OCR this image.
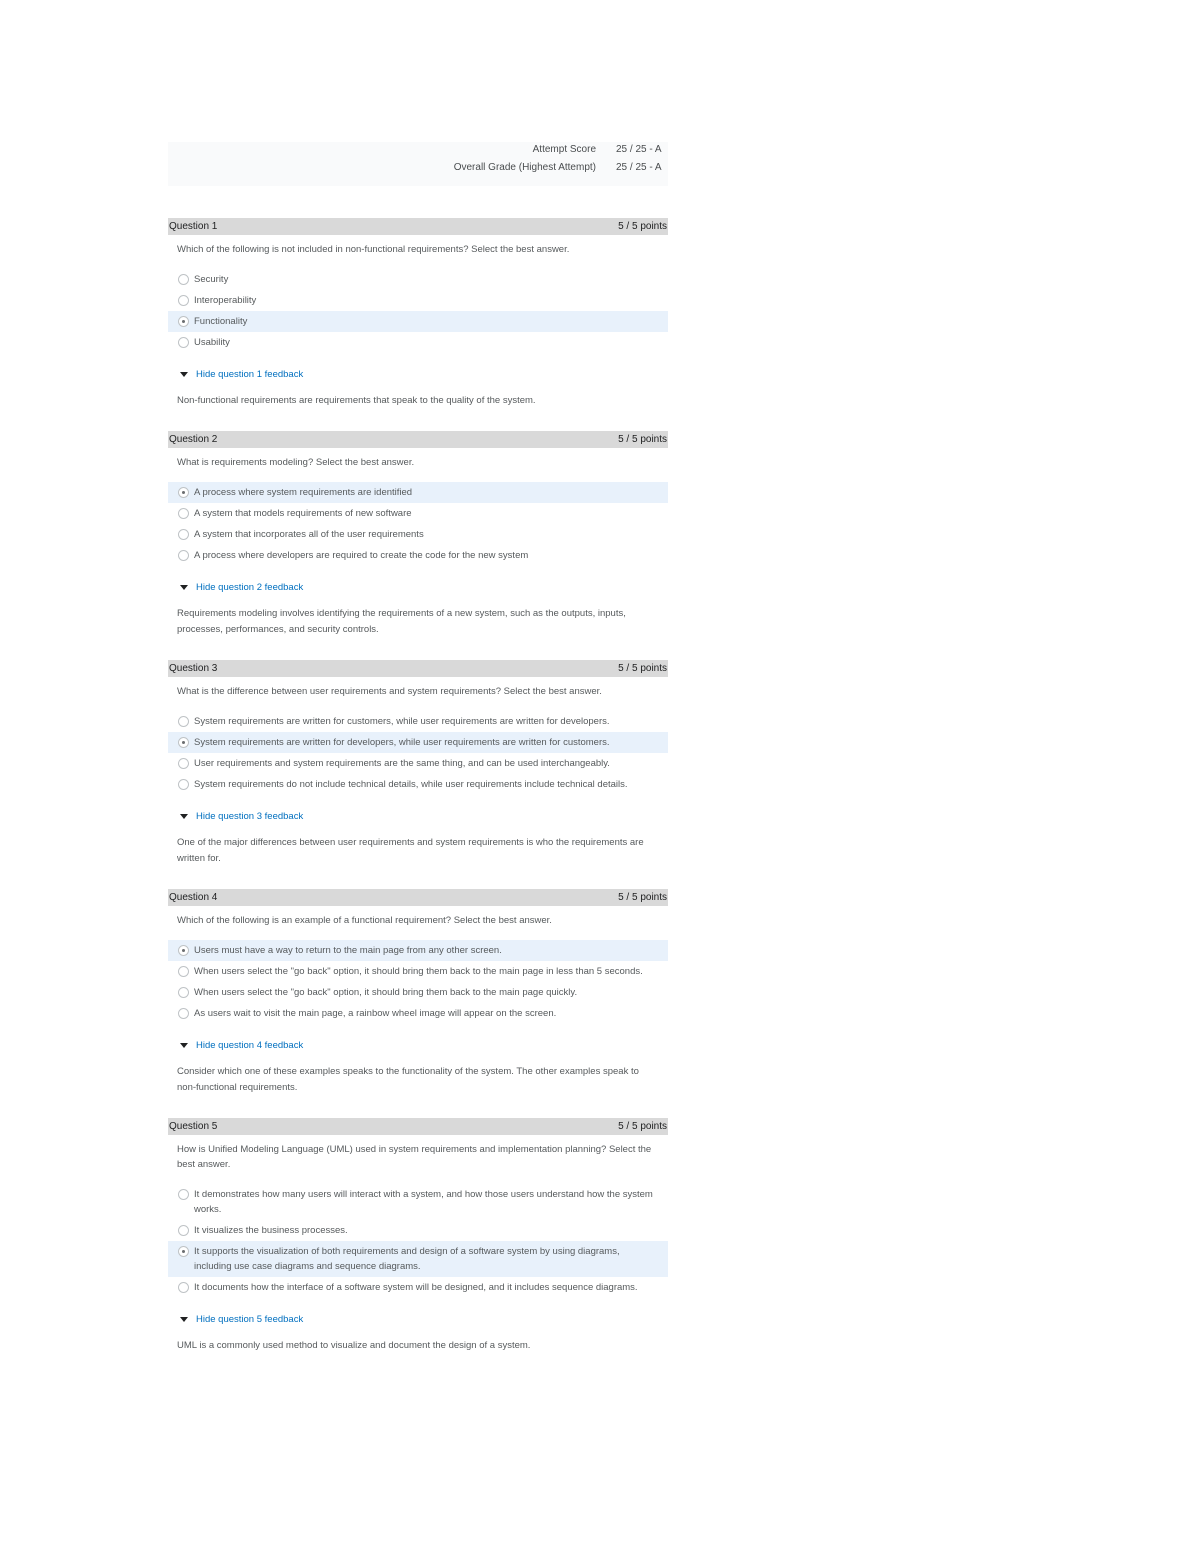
Attempt Score 25 / 25 - A
Overall Grade (Highest Attempt) 25 / 25 - A
Question 1	5 / 5 points
Which of the following is not included in non-functional requirements? Select the best answer.
Security
Interoperability
Functionality
Usability
Hide question 1 feedback
Non-functional requirements are requirements that speak to the quality of the system.
Question 2	5 / 5 points
What is requirements modeling? Select the best answer.
A process where system requirements are identified
A system that models requirements of new software
A system that incorporates all of the user requirements
A process where developers are required to create the code for the new system
Hide question 2 feedback
Requirements modeling involves identifying the requirements of a new system, such as the outputs, inputs, processes, performances, and security controls.
Question 3	5 / 5 points
What is the difference between user requirements and system requirements? Select the best answer.
System requirements are written for customers, while user requirements are written for developers.
System requirements are written for developers, while user requirements are written for customers.
User requirements and system requirements are the same thing, and can be used interchangeably.
System requirements do not include technical details, while user requirements include technical details.
Hide question 3 feedback
One of the major differences between user requirements and system requirements is who the requirements are written for.
Question 4	5 / 5 points
Which of the following is an example of a functional requirement? Select the best answer.
Users must have a way to return to the main page from any other screen.
When users select the "go back" option, it should bring them back to the main page in less than 5 seconds.
When users select the "go back" option, it should bring them back to the main page quickly.
As users wait to visit the main page, a rainbow wheel image will appear on the screen.
Hide question 4 feedback
Consider which one of these examples speaks to the functionality of the system. The other examples speak to non-functional requirements.
Question 5	5 / 5 points
How is Unified Modeling Language (UML) used in system requirements and implementation planning? Select the best answer.
It demonstrates how many users will interact with a system, and how those users understand how the system works.
It visualizes the business processes.
It supports the visualization of both requirements and design of a software system by using diagrams, including use case diagrams and sequence diagrams.
It documents how the interface of a software system will be designed, and it includes sequence diagrams.
Hide question 5 feedback
UML is a commonly used method to visualize and document the design of a system.
